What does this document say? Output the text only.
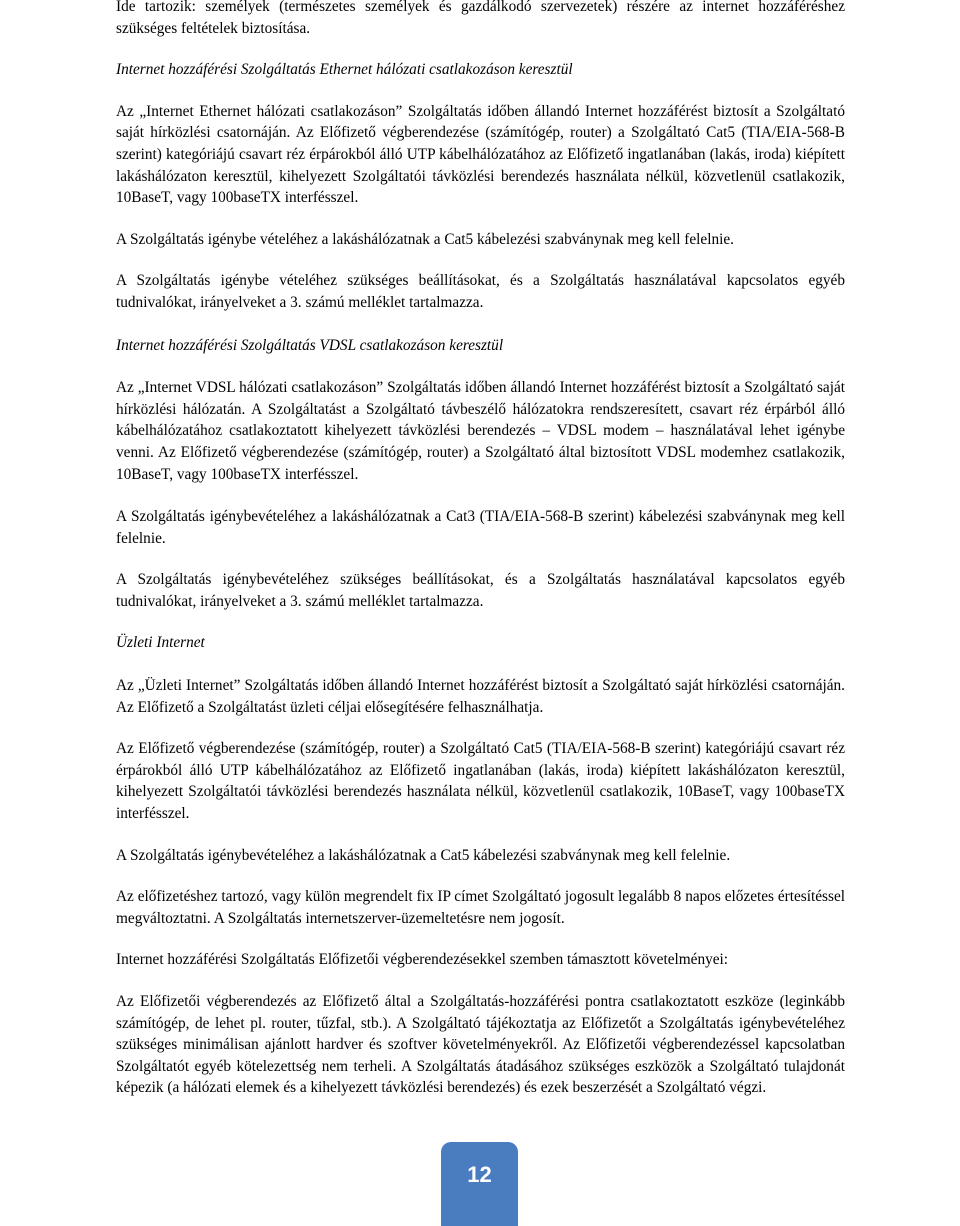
Ide tartozik: személyek (természetes személyek és gazdálkodó szervezetek) részére az internet hozzáféréshez szükséges feltételek biztosítása.

Internet hozzáférési Szolgáltatás Ethernet hálózati csatlakozáson keresztül

Az „Internet Ethernet hálózati csatlakozáson” Szolgáltatás időben állandó Internet hozzáférést biztosít a Szolgáltató saját hírközlési csatornáján. Az Előfizető végberendezése (számítógép, router) a Szolgáltató Cat5 (TIA/EIA-568-B szerint) kategóriájú csavart réz érpárokból álló UTP kábelhálózatához az Előfizető ingatlanában (lakás, iroda) kiépített lakáshálózaton keresztül, kihelyezett Szolgáltatói távközlési berendezés használata nélkül, közvetlenül csatlakozik, 10BaseT, vagy 100baseTX interfésszel.

A Szolgáltatás igénybe vételéhez a lakáshálózatnak a Cat5 kábelezési szabványnak meg kell felelnie.

A Szolgáltatás igénybe vételéhez szükséges beállításokat, és a Szolgáltatás használatával kapcsolatos egyéb tudnivalókat, irányelveket a 3. számú melléklet tartalmazza.

Internet hozzáférési Szolgáltatás VDSL csatlakozáson keresztül

Az „Internet VDSL hálózati csatlakozáson” Szolgáltatás időben állandó Internet hozzáférést biztosít a Szolgáltató saját hírközlési hálózatán. A Szolgáltatást a Szolgáltató távbeszélő hálózatokra rendszeresített, csavart réz érpárból álló kábelhálózatához csatlakoztatott kihelyezett távközlési berendezés – VDSL modem – használatával lehet igénybe venni. Az Előfizető végberendezése (számítógép, router) a Szolgáltató által biztosított VDSL modemhez csatlakozik, 10BaseT, vagy 100baseTX interfésszel.

A Szolgáltatás igénybevételéhez a lakáshálózatnak a Cat3 (TIA/EIA-568-B szerint) kábelezési szabványnak meg kell felelnie.

A Szolgáltatás igénybevételéhez szükséges beállításokat, és a Szolgáltatás használatával kapcsolatos egyéb tudnivalókat, irányelveket a 3. számú melléklet tartalmazza.

Üzleti Internet

Az „Üzleti Internet” Szolgáltatás időben állandó Internet hozzáférést biztosít a Szolgáltató saját hírközlési csatornáján. Az Előfizető a Szolgáltatást üzleti céljai elősegítésére felhasználhatja.

Az Előfizető végberendezése (számítógép, router) a Szolgáltató Cat5 (TIA/EIA-568-B szerint) kategóriájú csavart réz érpárokból álló UTP kábelhálózatához az Előfizető ingatlanában (lakás, iroda) kiépített lakáshálózaton keresztül, kihelyezett Szolgáltatói távközlési berendezés használata nélkül, közvetlenül csatlakozik, 10BaseT, vagy 100baseTX interfésszel.

A Szolgáltatás igénybevételéhez a lakáshálózatnak a Cat5 kábelezési szabványnak meg kell felelnie.

Az előfizetéshez tartozó, vagy külön megrendelt fix IP címet Szolgáltató jogosult legalább 8 napos előzetes értesítéssel megváltoztatni. A Szolgáltatás internetszerver-üzemeltetésre nem jogosít.

Internet hozzáférési Szolgáltatás Előfizetői végberendezésekkel szemben támasztott követelményei:

Az Előfizetői végberendezés az Előfizető által a Szolgáltatás-hozzáférési pontra csatlakoztatott eszköze (leginkább számítógép, de lehet pl. router, tűzfal, stb.). A Szolgáltató tájékoztatja az Előfizetőt a Szolgáltatás igénybevételéhez szükséges minimálisan ajánlott hardver és szoftver követelményekről. Az Előfizetői végberendezéssel kapcsolatban Szolgáltatót egyéb kötelezettség nem terheli. A Szolgáltatás átadásához szükséges eszközök a Szolgáltató tulajdonát képezik (a hálózati elemek és a kihelyezett távközlési berendezés) és ezek beszerzését a Szolgáltató végzi.

12
